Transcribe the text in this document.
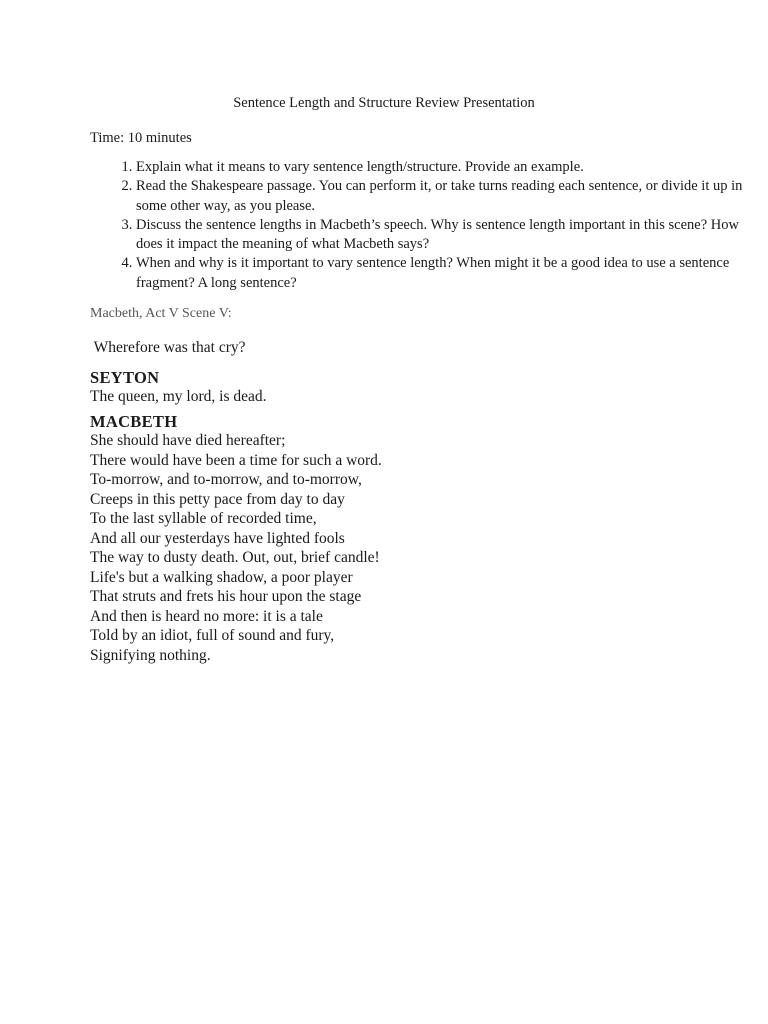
Sentence Length and Structure Review Presentation
Time: 10 minutes
1. Explain what it means to vary sentence length/structure. Provide an example.
2. Read the Shakespeare passage. You can perform it, or take turns reading each sentence, or divide it up in some other way, as you please.
3. Discuss the sentence lengths in Macbeth’s speech. Why is sentence length important in this scene? How does it impact the meaning of what Macbeth says?
4. When and why is it important to vary sentence length? When might it be a good idea to use a sentence fragment? A long sentence?
Macbeth, Act V Scene V:
Wherefore was that cry?
SEYTON
The queen, my lord, is dead.
MACBETH
She should have died hereafter;
There would have been a time for such a word.
To-morrow, and to-morrow, and to-morrow,
Creeps in this petty pace from day to day
To the last syllable of recorded time,
And all our yesterdays have lighted fools
The way to dusty death. Out, out, brief candle!
Life's but a walking shadow, a poor player
That struts and frets his hour upon the stage
And then is heard no more: it is a tale
Told by an idiot, full of sound and fury,
Signifying nothing.
